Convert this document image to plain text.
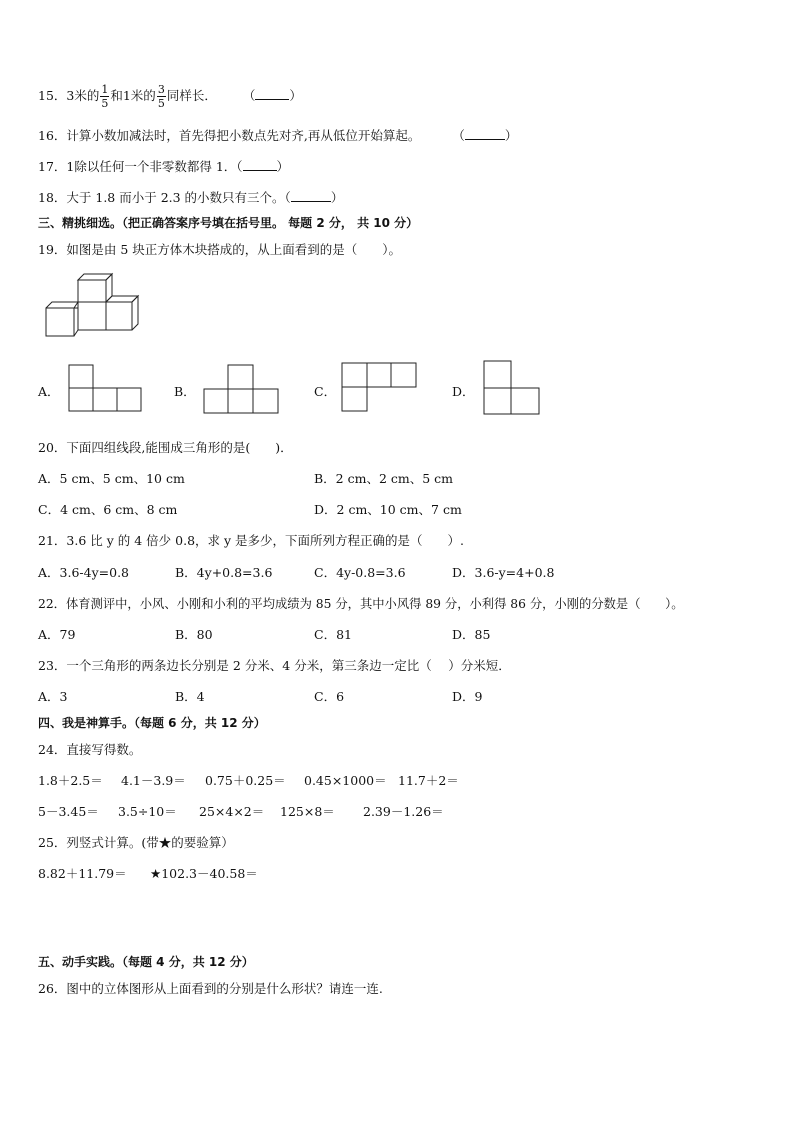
15．3米的 $\frac{1}{5}$ 和1米的 $\frac{3}{5}$ 同样长． （	）
16．计算小数加减法时，首先得把小数点先对齐,再从低位开始算起。	（	）
17．1除以任何一个非零数都得 1．（	）
18．大于 1.8 而小于 2.3 的小数只有三个。（	）
三、精挑细选。（把正确答案序号填在括号里。 每题 2 分， 共 10 分）
19．如图是由 5 块正方体木块搭成的，从上面看到的是（　　）。
A．	B．	C．	D．
20．下面四组线段,能围成三角形的是(　　)．
A．5 cm、5 cm、10 cm	B．2 cm、2 cm、5 cm
C．4 cm、6 cm、8 cm	D．2 cm、10 cm、7 cm
21．3.6 比 y 的 4 倍少 0.8，求 y 是多少，下面所列方程正确的是（　　）.
A．3.6-4y=0.8	B．4y+0.8=3.6	C．4y-0.8=3.6	D．3.6-y=4+0.8
22．体育测评中，小风、小刚和小利的平均成绩为 85 分，其中小风得 89 分，小利得 86 分，小刚的分数是（　　）。
A．79	B．80	C．81	D．85
23．一个三角形的两条边长分别是 2 分米、4 分米，第三条边一定比（　 ）分米短．
A．3	B．4	C．6	D．9
四、我是神算手。（每题 6 分，共 12 分）
24．直接写得数。
1.8＋2.5＝ 4.1－3.9＝ 0.75＋0.25＝ 0.45×1000＝ 11.7＋2＝
5－3.45＝ 3.5÷10＝ 25×4×2＝ 125×8＝ 2.39－1.26＝
25．列竖式计算。(带★的要验算）
8.82＋11.79＝ ★102.3－40.58＝
五、动手实践。（每题 4 分，共 12 分）
26．图中的立体图形从上面看到的分别是什么形状？请连一连.
